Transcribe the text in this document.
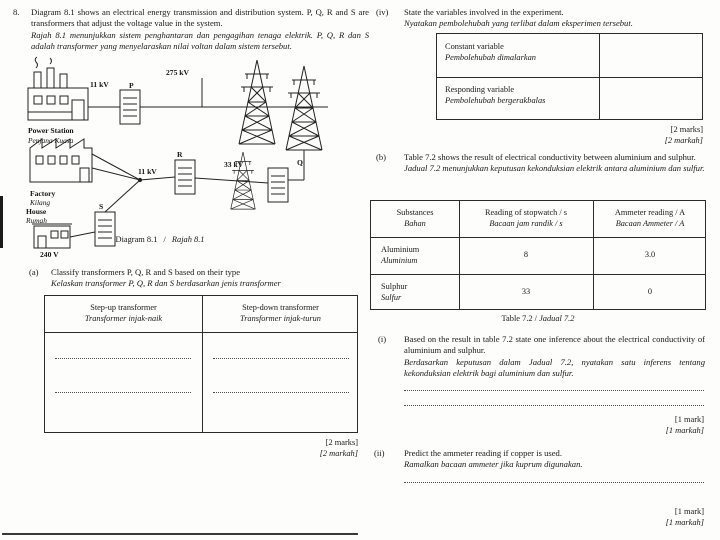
8.	Diagram 8.1 shows an electrical energy transmission and distribution system. P, Q, R and S are transformers that adjust the voltage value in the system.
Rajah 8.1 menunjukkan sistem penghantaran dan pengagihan tenaga elektrik. P, Q, R dan S adalah transformer yang menyelaraskan nilai voltan dalam sistem tersebut.
11 kV	P
275 kV
R
33 kV	Q
11 kV
S
Power Station
Penjana Kuasa
Factory
Kilang
House
Rumah
240 V
Diagram 8.1 / Rajah 8.1
(a)	Classify transformers P, Q, R and S based on their type
Kelaskan transformer P, Q, R dan S berdasarkan jenis transformer
Step-up transformer
Transformer injak-naik
Step-down transformer
Transformer injak-turun
[2 marks]
[2 markah]
(iv)	State the variables involved in the experiment.
Nyatakan pembolehubah yang terlibat dalam eksperimen tersebut.
Constant variable
Pembolehubah dimalarkan
Responding variable
Pembolehubah bergerakbalas
[2 marks]
[2 markah]
(b)	Table 7.2 shows the result of electrical conductivity between aluminium and sulphur.
Jadual 7.2 menunjukkan keputusan kekonduksian elektrik antara aluminium dan sulfur.
Substances
Bahan
Reading of stopwatch / s
Bacaan jam randik / s
Ammeter reading / A
Bacaan Ammeter / A
Aluminium
Aluminium
8	3.0
Sulphur
Sulfur
33	0
Table 7.2 / Jadual 7.2
(i)	Based on the result in table 7.2 state one inference about the electrical conductivity of aluminium and sulphur.
Berdasarkan keputusan dalam Jadual 7.2, nyatakan satu inferens tentang kekonduksian elektrik bagi aluminium dan sulfur.
[1 mark]
[1 markah]
(ii)	Predict the ammeter reading if copper is used.
Ramalkan bacaan ammeter jika kuprum digunakan.
[1 mark]
[1 markah]
